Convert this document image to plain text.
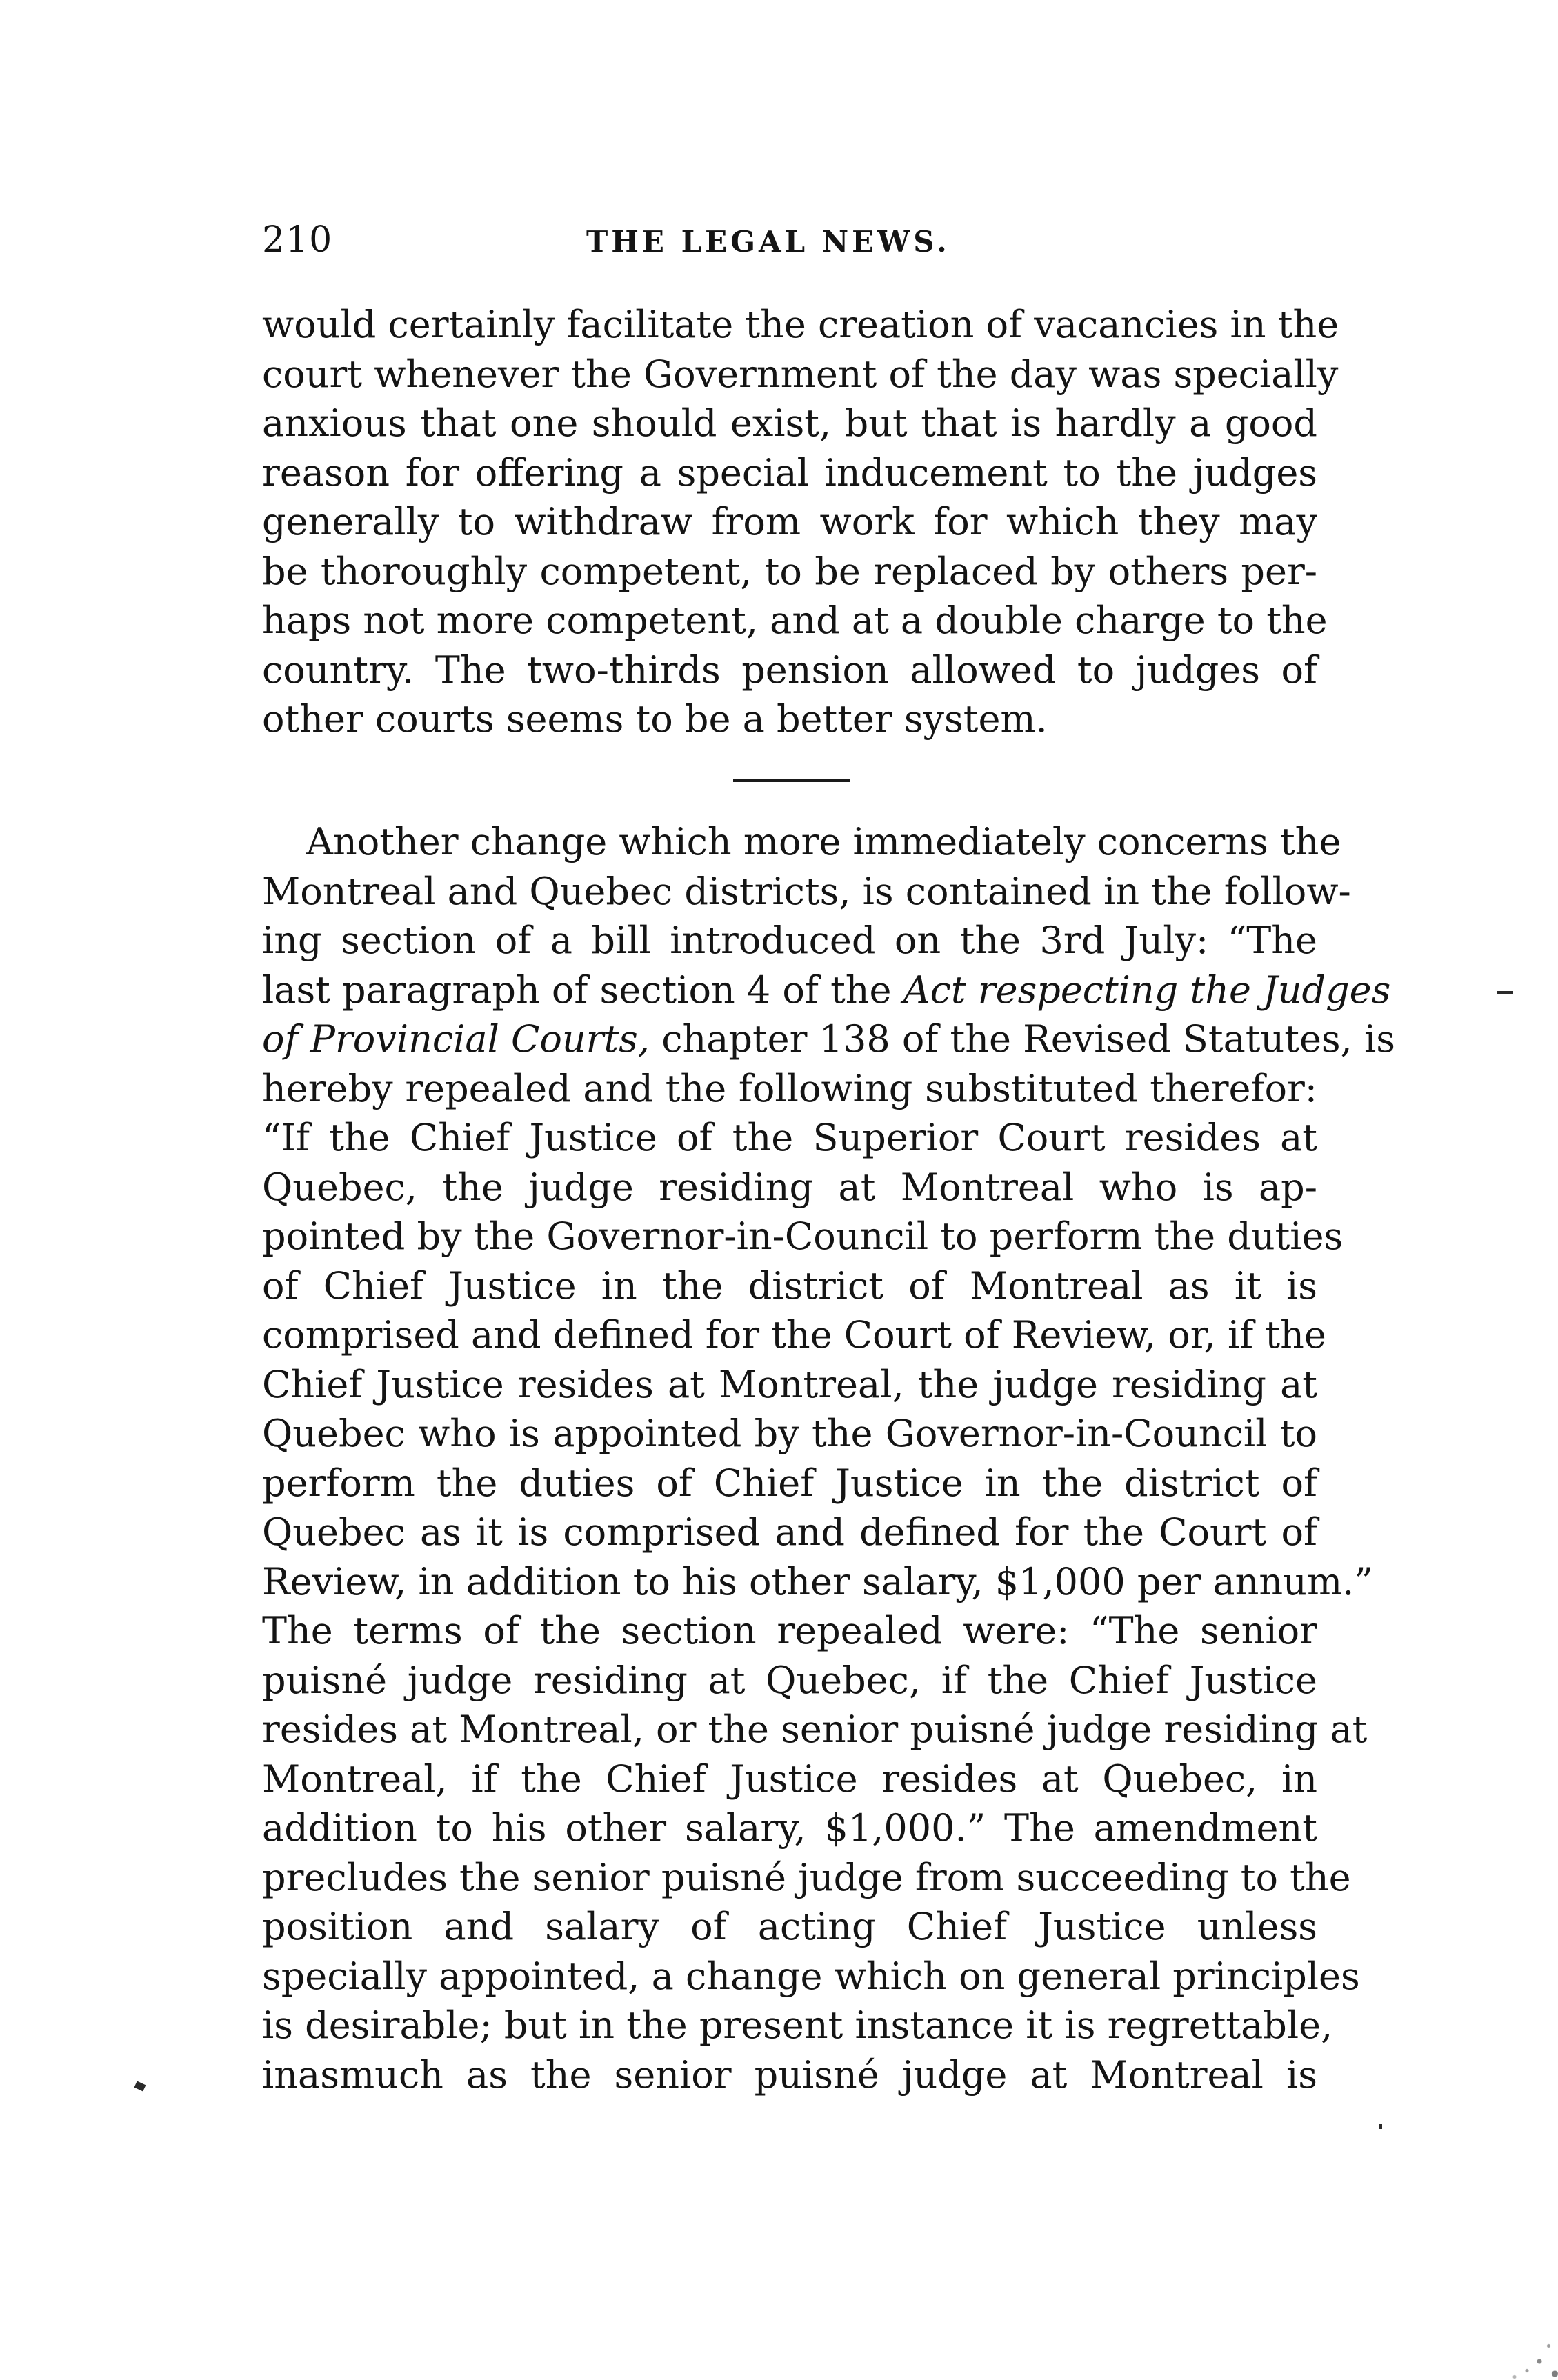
210	THE LEGAL NEWS.
would certainly facilitate the creation of vacancies in the
court whenever the Government of the day was specially
anxious that one should exist, but that is hardly a good
reason for offering a special inducement to the judges
generally to withdraw from work for which they may
be thoroughly competent, to be replaced by others per-
haps not more competent, and at a double charge to the
country. The two-thirds pension allowed to judges of
other courts seems to be a better system.
Another change which more immediately concerns the
Montreal and Quebec districts, is contained in the follow-
ing section of a bill introduced on the 3rd July: “The
last paragraph of section 4 of the Act respecting the Judges
of Provincial Courts, chapter 138 of the Revised Statutes, is
hereby repealed and the following substituted therefor:
“If the Chief Justice of the Superior Court resides at
Quebec, the judge residing at Montreal who is ap-
pointed by the Governor-in-Council to perform the duties
of Chief Justice in the district of Montreal as it is
comprised and defined for the Court of Review, or, if the
Chief Justice resides at Montreal, the judge residing at
Quebec who is appointed by the Governor-in-Council to
perform the duties of Chief Justice in the district of
Quebec as it is comprised and defined for the Court of
Review, in addition to his other salary, $1,000 per annum.”
The terms of the section repealed were: “The senior
puisné judge residing at Quebec, if the Chief Justice
resides at Montreal, or the senior puisné judge residing at
Montreal, if the Chief Justice resides at Quebec, in
addition to his other salary, $1,000.” The amendment
precludes the senior puisné judge from succeeding to the
position and salary of acting Chief Justice unless
specially appointed, a change which on general principles
is desirable; but in the present instance it is regrettable,
inasmuch as the senior puisné judge at Montreal is
